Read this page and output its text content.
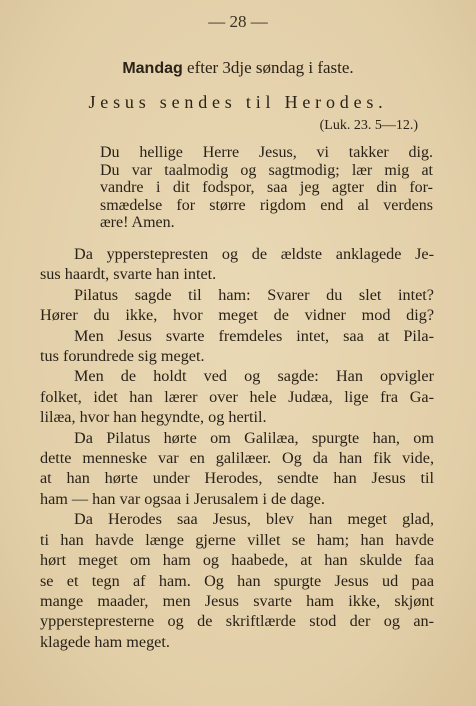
— 28 —
Mandag efter 3dje søndag i faste.
Jesus sendes til Herodes.
(Luk. 23. 5—12.)
Du hellige Herre Jesus, vi takker dig.
Du var taalmodig og sagtmodig; lær mig at
vandre i dit fodspor, saa jeg agter din for-
smædelse for større rigdom end al verdens
ære! Amen.
Da yppersteprestеn og de ældste anklagede Je-
sus haardt, svarte han intet.
Pilatus sagde til ham: Svarer du slet intet?
Hører du ikke, hvor meget de vidner mod dig?
Men Jesus svarte fremdeles intet, saa at Pila-
tus forundrede sig meget.
Men de holdt ved og sagde: Han opvigler
folket, idet han lærer over hele Judæa, lige fra Ga-
lilæa, hvor han hegyndte, og hertil.
Da Pilatus hørte om Galilæa, spurgte han, om
dette menneske var en galilæer. Og da han fik vide,
at han hørte under Herodes, sendte han Jesus til
ham — han var ogsaa i Jerusalem i de dage.
Da Herodes saa Jesus, blev han meget glad,
ti han havde længe gjerne villet se ham; han havde
hørt meget om ham og haabede, at han skulde faa
se et tegn af ham. Og han spurgte Jesus ud paa
mange maader, men Jesus svarte ham ikke, skjønt
yppersteprestеrne og de skriftlærde stod der og an-
klagede ham meget.
